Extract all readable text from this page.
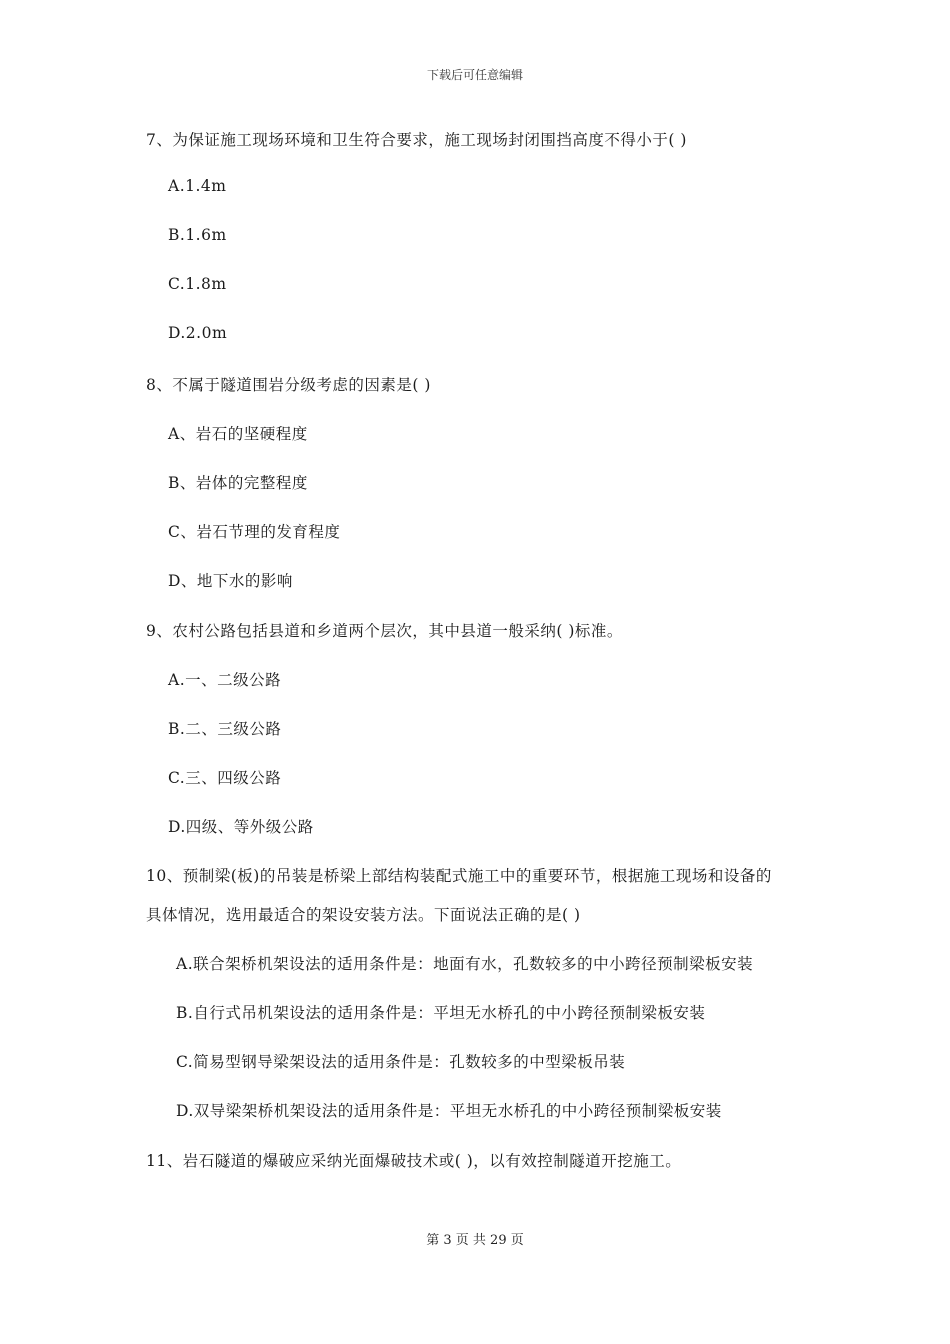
下载后可任意编辑
7、为保证施工现场环境和卫生符合要求，施工现场封闭围挡高度不得小于( )
A.1.4m
B.1.6m
C.1.8m
D.2.0m
8、不属于隧道围岩分级考虑的因素是( )
A、岩石的坚硬程度
B、岩体的完整程度
C、岩石节理的发育程度
D、地下水的影响
9、农村公路包括县道和乡道两个层次，其中县道一般采纳( )标准。
A.一、二级公路
B.二、三级公路
C.三、四级公路
D.四级、等外级公路
10、预制梁(板)的吊装是桥梁上部结构装配式施工中的重要环节，根据施工现场和设备的
具体情况，选用最适合的架设安装方法。下面说法正确的是( )
A.联合架桥机架设法的适用条件是：地面有水，孔数较多的中小跨径预制梁板安装
B.自行式吊机架设法的适用条件是：平坦无水桥孔的中小跨径预制梁板安装
C.简易型钢导梁架设法的适用条件是：孔数较多的中型梁板吊装
D.双导梁架桥机架设法的适用条件是：平坦无水桥孔的中小跨径预制梁板安装
11、岩石隧道的爆破应采纳光面爆破技术或( )，以有效控制隧道开挖施工。
第 3 页 共 29 页
